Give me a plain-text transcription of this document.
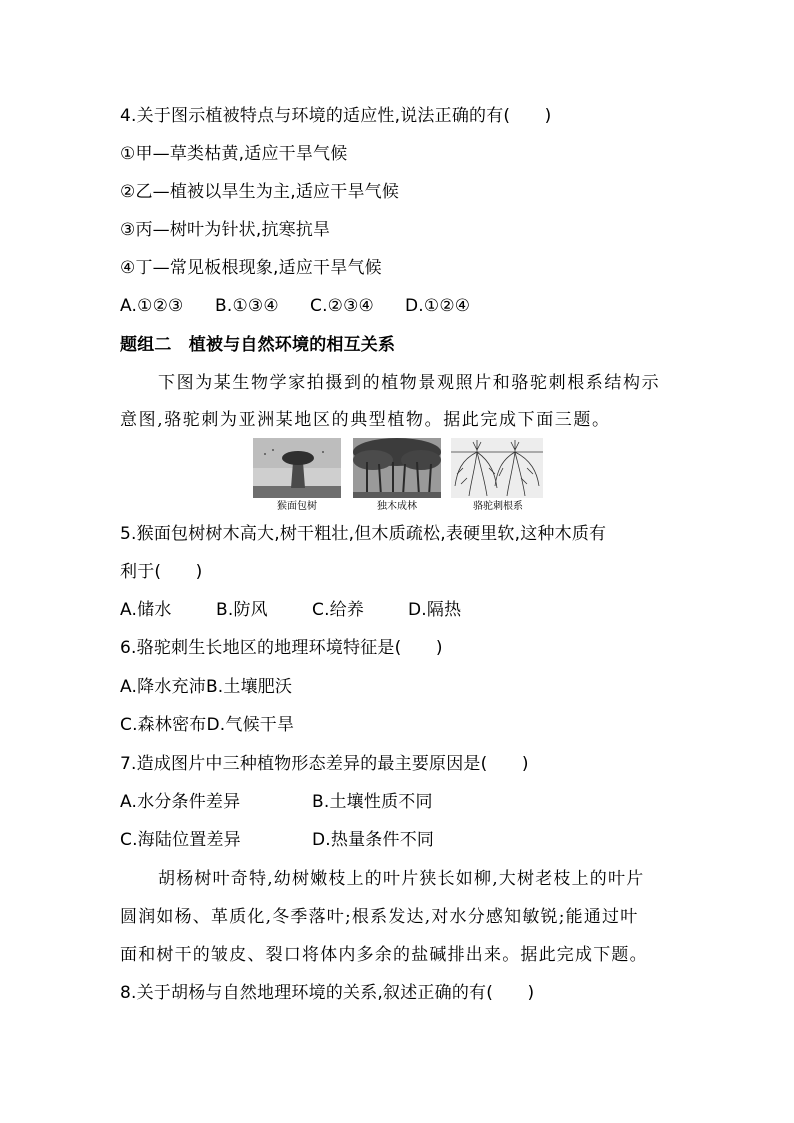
4.关于图示植被特点与环境的适应性,说法正确的有(　　)
①甲—草类枯黄,适应干旱气候
②乙—植被以旱生为主,适应干旱气候
③丙—树叶为针状,抗寒抗旱
④丁—常见板根现象,适应干旱气候
A.①②③ B.①③④ C.②③④ D.①②④
题组二　植被与自然环境的相互关系
下图为某生物学家拍摄到的植物景观照片和骆驼刺根系结构示
意图,骆驼刺为亚洲某地区的典型植物。据此完成下面三题。
猴面包树	独木成林	骆驼刺根系
5.猴面包树树木高大,树干粗壮,但木质疏松,表硬里软,这种木质有
利于(　　)
A.储水	B.防风	C.给养	D.隔热
6.骆驼刺生长地区的地理环境特征是(　　)
A.降水充沛B.土壤肥沃
C.森林密布D.气候干旱
7.造成图片中三种植物形态差异的最主要原因是(　　)
A.水分条件差异	B.土壤性质不同
C.海陆位置差异	D.热量条件不同
胡杨树叶奇特,幼树嫩枝上的叶片狭长如柳,大树老枝上的叶片
圆润如杨、革质化,冬季落叶;根系发达,对水分感知敏锐;能通过叶
面和树干的皱皮、裂口将体内多余的盐碱排出来。据此完成下题。
8.关于胡杨与自然地理环境的关系,叙述正确的有(　　)
